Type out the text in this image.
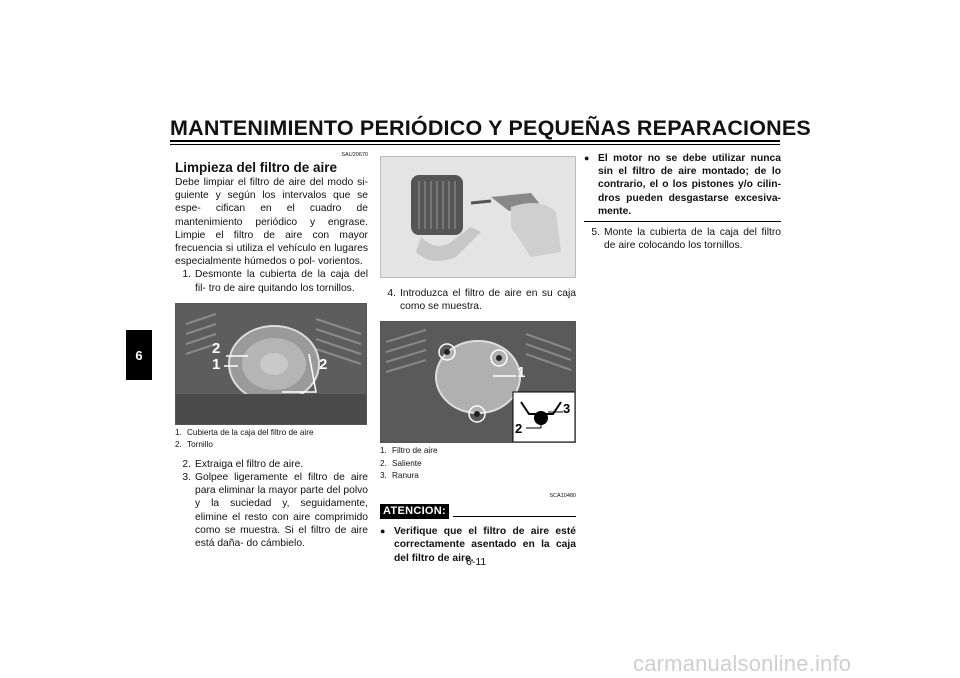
MANTENIMIENTO PERIÓDICO Y PEQUEÑAS REPARACIONES
6
SAU20670
Limpieza del filtro de aire

Debe limpiar el filtro de aire del modo si- guiente y según los intervalos que se espe- cifican en el cuadro de mantenimiento periódico y engrase. Limpie el filtro de aire con mayor frecuencia si utiliza el vehículo en lugares especialmente húmedos o pol- vorientos.

1. Desmonte la cubierta de la caja del fil- tro de aire quitando los tornillos.
2
1	2
1. Cubierta de la caja del filtro de aire
2. Tornillo
2. Extraiga el filtro de aire.
3. Golpee ligeramente el filtro de aire para eliminar la mayor parte del polvo y la suciedad y, seguidamente, elimine el resto con aire comprimido como se muestra. Si el filtro de aire está daña- do cámbielo.
4. Introduzca el filtro de aire en su caja como se muestra.
1
3
2
1. Filtro de aire
2. Saliente
3. Ranura
SCA10480
ATENCION:
● Verifique que el filtro de aire esté correctamente asentado en la caja del filtro de aire.
● El motor no se debe utilizar nunca sin el filtro de aire montado; de lo contrario, el o los pistones y/o cilin- dros pueden desgastarse excesiva- mente.
5. Monte la cubierta de la caja del filtro de aire colocando los tornillos.
6-11
carmanualsonline.info
